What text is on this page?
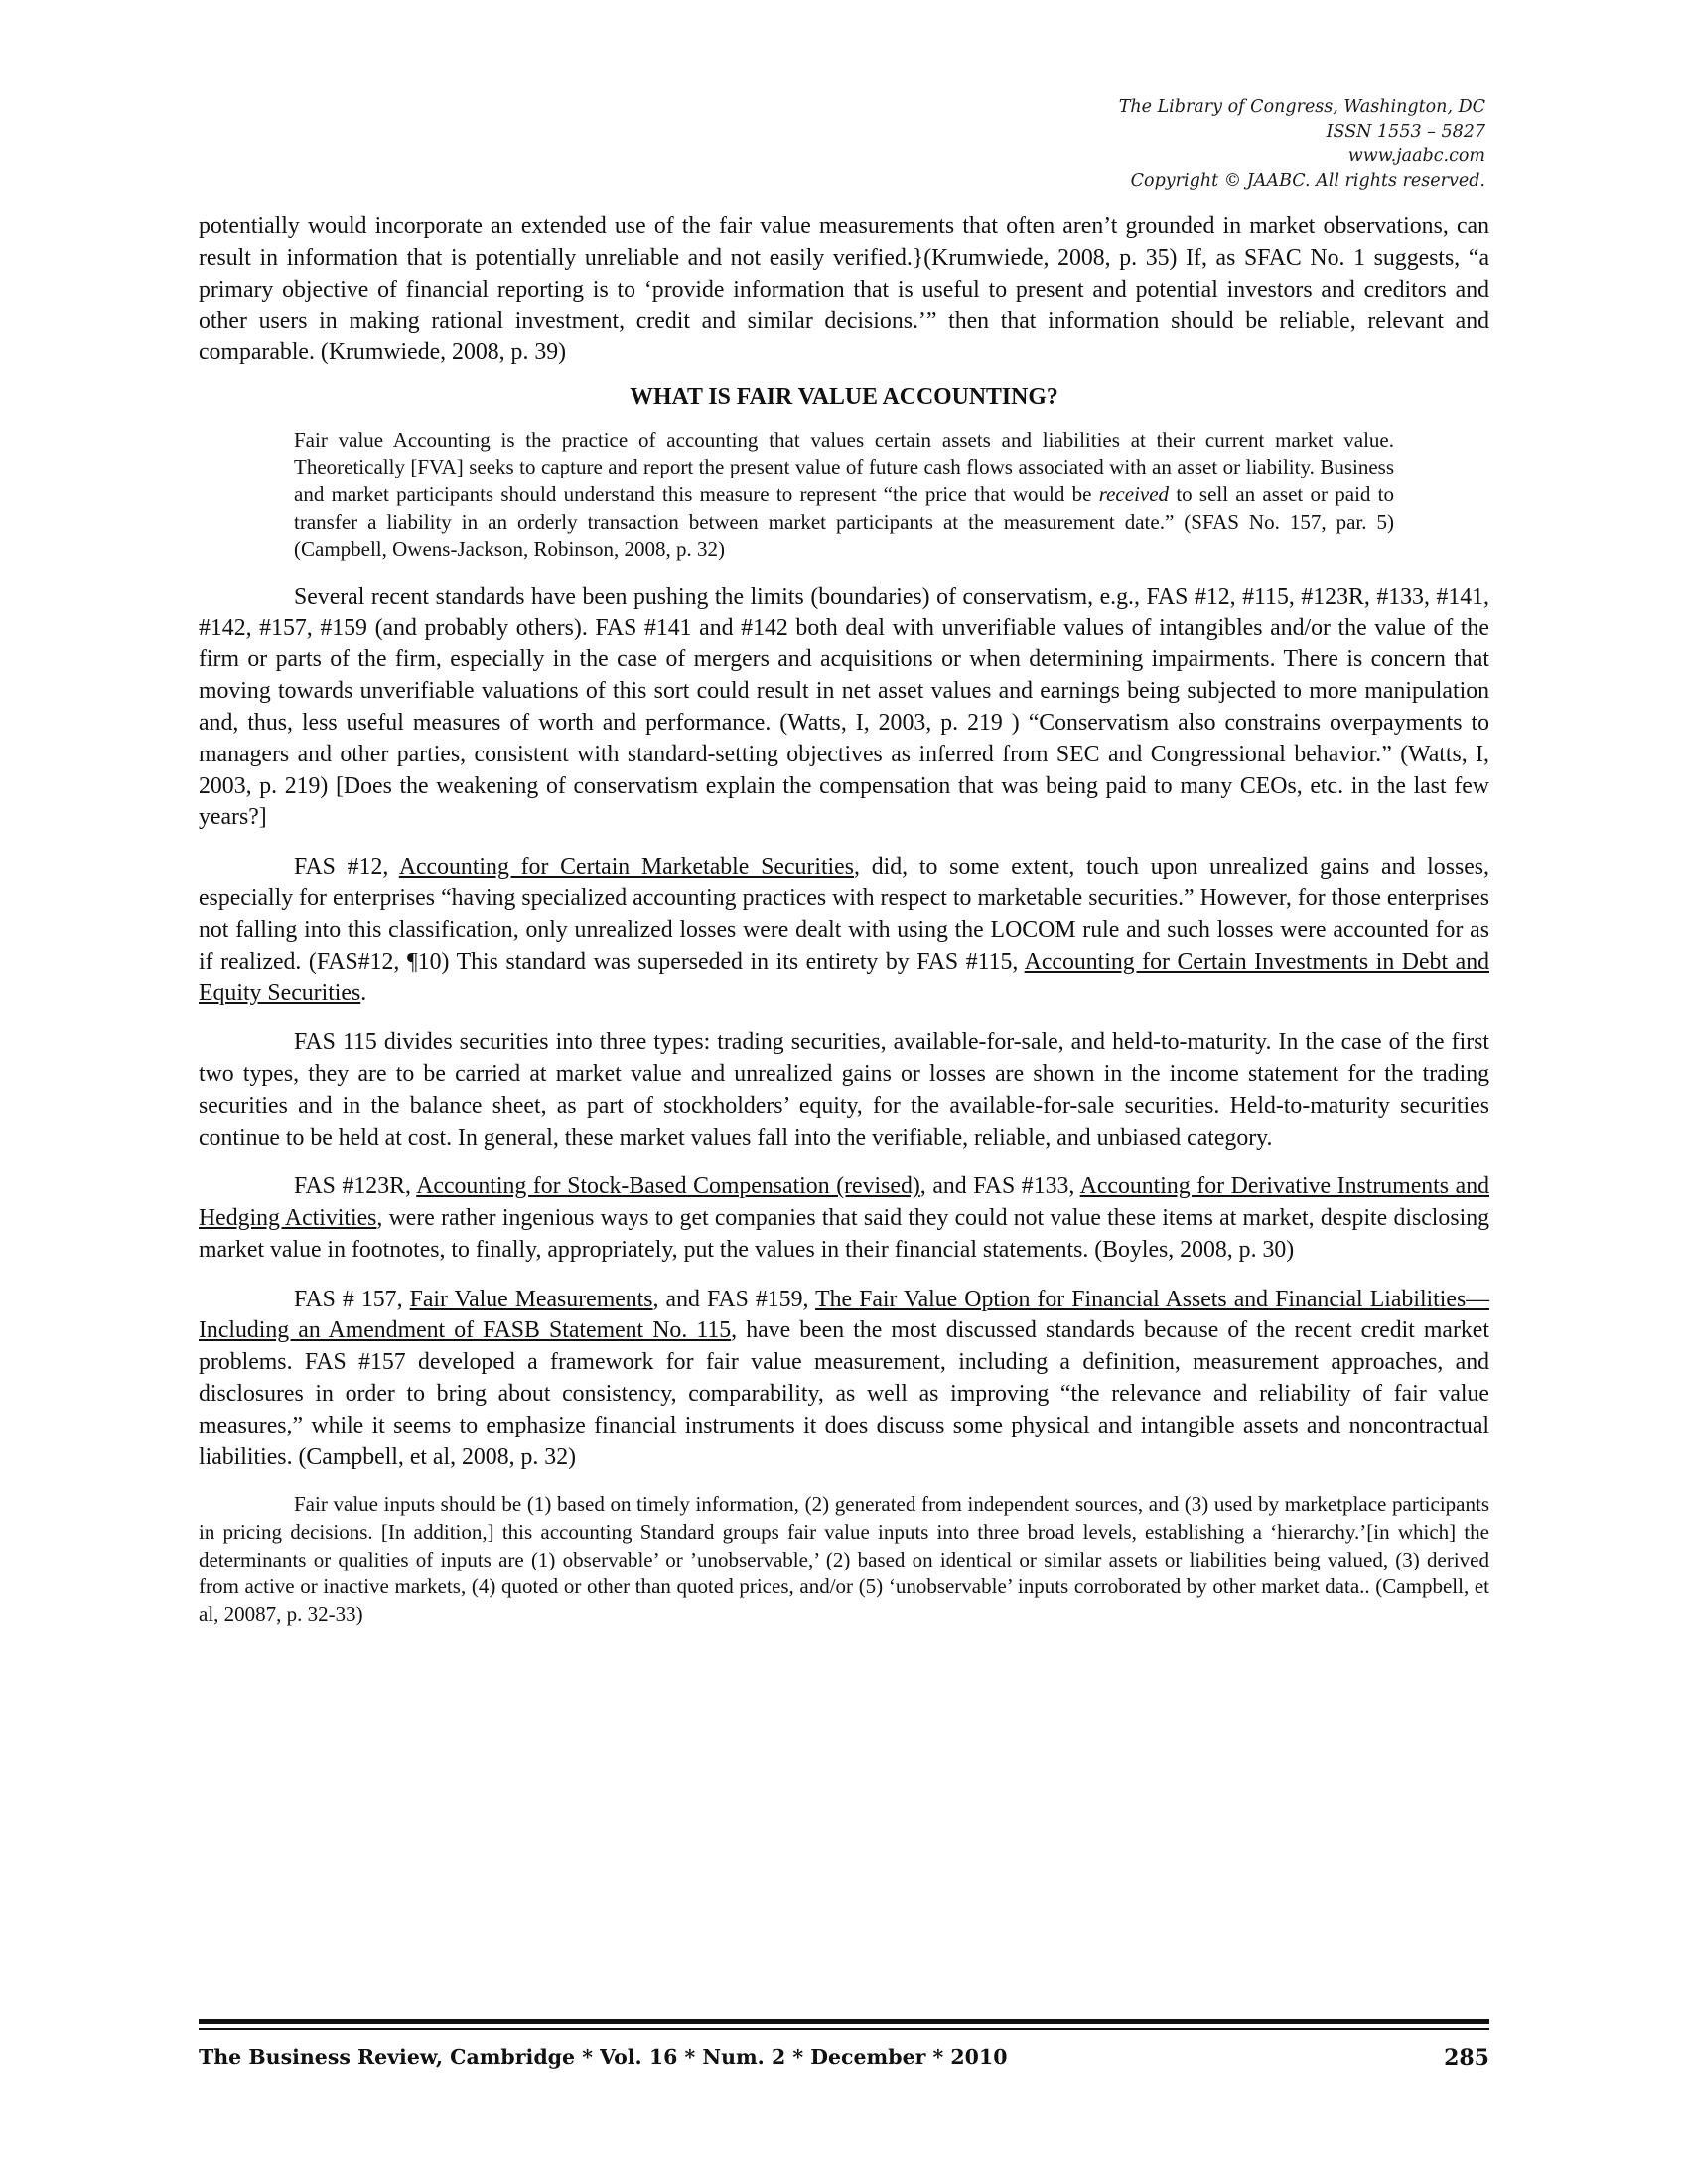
The Library of Congress, Washington, DC
ISSN 1553 – 5827
www.jaabc.com
Copyright © JAABC. All rights reserved.

potentially would incorporate an extended use of the fair value measurements that often aren’t grounded in market observations, can result in information that is potentially unreliable and not easily verified.}(Krumwiede, 2008, p. 35) If, as SFAC No. 1 suggests, “a primary objective of financial reporting is to ‘provide information that is useful to present and potential investors and creditors and other users in making rational investment, credit and similar decisions.’” then that information should be reliable, relevant and comparable. (Krumwiede, 2008, p. 39)

WHAT IS FAIR VALUE ACCOUNTING?

Fair value Accounting is the practice of accounting that values certain assets and liabilities at their current market value. Theoretically [FVA] seeks to capture and report the present value of future cash flows associated with an asset or liability. Business and market participants should understand this measure to represent “the price that would be received to sell an asset or paid to transfer a liability in an orderly transaction between market participants at the measurement date.” (SFAS No. 157, par. 5) (Campbell, Owens-Jackson, Robinson, 2008, p. 32)

Several recent standards have been pushing the limits (boundaries) of conservatism, e.g., FAS #12, #115, #123R, #133, #141, #142, #157, #159 (and probably others). FAS #141 and #142 both deal with unverifiable values of intangibles and/or the value of the firm or parts of the firm, especially in the case of mergers and acquisitions or when determining impairments. There is concern that moving towards unverifiable valuations of this sort could result in net asset values and earnings being subjected to more manipulation and, thus, less useful measures of worth and performance. (Watts, I, 2003, p. 219 ) “Conservatism also constrains overpayments to managers and other parties, consistent with standard-setting objectives as inferred from SEC and Congressional behavior.” (Watts, I, 2003, p. 219) [Does the weakening of conservatism explain the compensation that was being paid to many CEOs, etc. in the last few years?]

FAS #12, Accounting for Certain Marketable Securities, did, to some extent, touch upon unrealized gains and losses, especially for enterprises “having specialized accounting practices with respect to marketable securities.” However, for those enterprises not falling into this classification, only unrealized losses were dealt with using the LOCOM rule and such losses were accounted for as if realized. (FAS#12, ¶10) This standard was superseded in its entirety by FAS #115, Accounting for Certain Investments in Debt and Equity Securities.

FAS 115 divides securities into three types: trading securities, available-for-sale, and held-to-maturity. In the case of the first two types, they are to be carried at market value and unrealized gains or losses are shown in the income statement for the trading securities and in the balance sheet, as part of stockholders’ equity, for the available-for-sale securities. Held-to-maturity securities continue to be held at cost. In general, these market values fall into the verifiable, reliable, and unbiased category.

FAS #123R, Accounting for Stock-Based Compensation (revised), and FAS #133, Accounting for Derivative Instruments and Hedging Activities, were rather ingenious ways to get companies that said they could not value these items at market, despite disclosing market value in footnotes, to finally, appropriately, put the values in their financial statements. (Boyles, 2008, p. 30)

FAS # 157, Fair Value Measurements, and FAS #159, The Fair Value Option for Financial Assets and Financial Liabilities—Including an Amendment of FASB Statement No. 115, have been the most discussed standards because of the recent credit market problems. FAS #157 developed a framework for fair value measurement, including a definition, measurement approaches, and disclosures in order to bring about consistency, comparability, as well as improving “the relevance and reliability of fair value measures,” while it seems to emphasize financial instruments it does discuss some physical and intangible assets and noncontractual liabilities. (Campbell, et al, 2008, p. 32)

Fair value inputs should be (1) based on timely information, (2) generated from independent sources, and (3) used by marketplace participants in pricing decisions. [In addition,] this accounting Standard groups fair value inputs into three broad levels, establishing a ‘hierarchy.’[in which] the determinants or qualities of inputs are (1) observable’ or ’unobservable,’ (2) based on identical or similar assets or liabilities being valued, (3) derived from active or inactive markets, (4) quoted or other than quoted prices, and/or (5) ‘unobservable’ inputs corroborated by other market data.. (Campbell, et al, 20087, p. 32-33)

The Business Review, Cambridge * Vol. 16 * Num. 2 * December * 2010	285
